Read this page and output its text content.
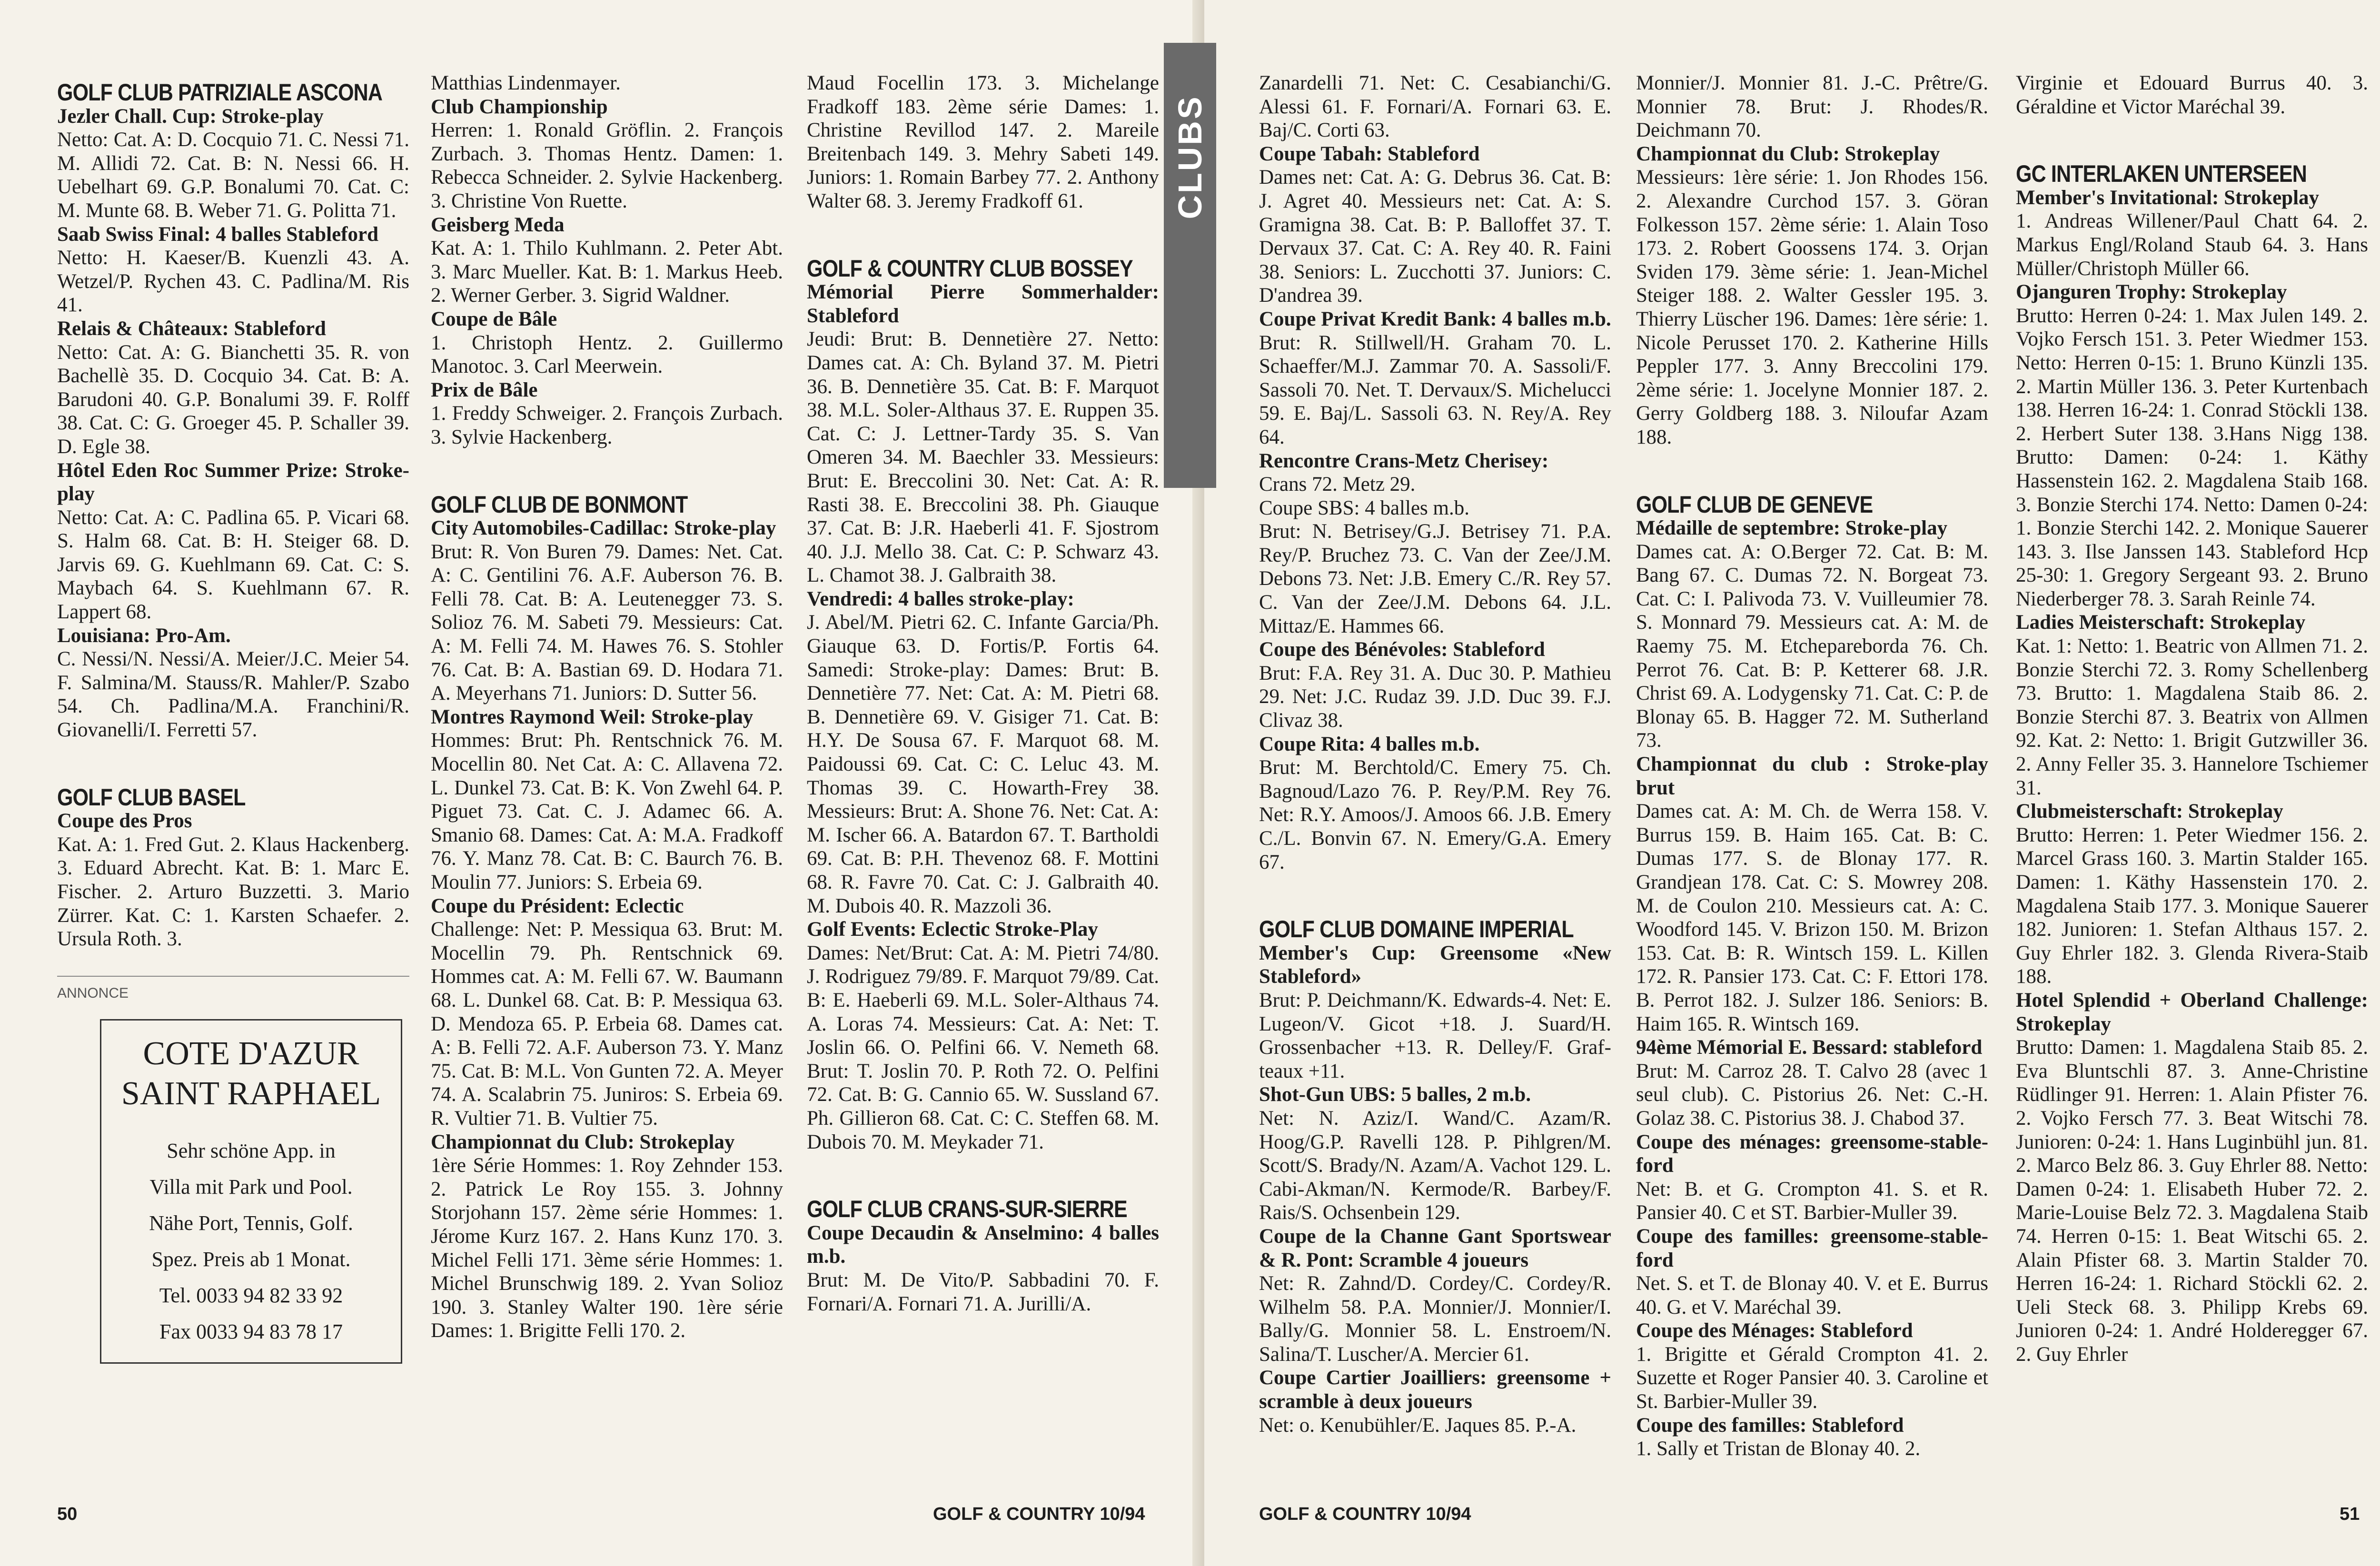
GOLF CLUB PATRIZIALE ASCONA

Jezler Chall. Cup: Stroke-play

Netto: Cat. A: D. Cocquio 71. C. Nessi 71. M. Allidi 72. Cat. B: N. Nessi 66. H. Uebelhart 69. G.P. Bonalumi 70. Cat. C: M. Munte 68. B. Weber 71. G. Politta 71.

Saab Swiss Final: 4 balles Stableford

Netto: H. Kaeser/B. Kuenzli 43. A. Wetzel/P. Rychen 43. C. Padlina/M. Ris 41.

Relais & Châteaux: Stableford

Netto: Cat. A: G. Bianchetti 35. R. von Bachellè 35. D. Cocquio 34. Cat. B: A. Barudoni 40. G.P. Bonalumi 39. F. Rolff 38. Cat. C: G. Groeger 45. P. Schaller 39. D. Egle 38.

Hôtel Eden Roc Summer Prize: Stroke-play

Netto: Cat. A: C. Padlina 65. P. Vicari 68. S. Halm 68. Cat. B: H. Steiger 68. D. Jarvis 69. G. Kuehlmann 69. Cat. C: S. Maybach 64. S. Kuehlmann 67. R. Lappert 68.

Louisiana: Pro-Am.

C. Nessi/N. Nessi/A. Meier/J.C. Meier 54. F. Salmina/M. Stauss/R. Mahler/P. Szabo 54. Ch. Padlina/M.A. Franchini/R. Giovanelli/I. Ferretti 57.

GOLF CLUB BASEL

Coupe des Pros

Kat. A: 1. Fred Gut. 2. Klaus Hackenberg. 3. Eduard Abrecht. Kat. B: 1. Marc E. Fischer. 2. Arturo Buzzetti. 3. Mario Zürrer. Kat. C: 1. Karsten Schaefer. 2. Ursula Roth. 3.

ANNONCE
COTE D'AZUR
SAINT RAPHAEL
Sehr schöne App. in
Villa mit Park und Pool.
Nähe Port, Tennis, Golf.
Spez. Preis ab 1 Monat.
Tel. 0033 94 82 33 92
Fax 0033 94 83 78 17

Matthias Lindenmayer.

Club Championship

Herren: 1. Ronald Gröflin. 2. François Zurbach. 3. Thomas Hentz. Damen: 1. Rebecca Schneider. 2. Sylvie Hackenberg. 3. Christine Von Ruette.

Geisberg Meda

Kat. A: 1. Thilo Kuhlmann. 2. Peter Abt. 3. Marc Mueller. Kat. B: 1. Markus Heeb. 2. Werner Gerber. 3. Sigrid Waldner.

Coupe de Bâle

1. Christoph Hentz. 2. Guillermo Manotoc. 3. Carl Meerwein.

Prix de Bâle

1. Freddy Schweiger. 2. François Zurbach. 3. Sylvie Hackenberg.

GOLF CLUB DE BONMONT

City Automobiles-Cadillac: Stroke-play

Brut: R. Von Buren 79. Dames: Net. Cat. A: C. Gentilini 76. A.F. Auberson 76. B. Felli 78. Cat. B: A. Leutenegger 73. S. Solioz 76. M. Sabeti 79. Messieurs: Cat. A: M. Felli 74. M. Hawes 76. S. Stohler 76. Cat. B: A. Bastian 69. D. Hodara 71. A. Meyerhans 71. Juniors: D. Sutter 56.

Montres Raymond Weil: Stroke-play

Hommes: Brut: Ph. Rentschnick 76. M. Mocellin 80. Net Cat. A: C. Allavena 72. L. Dunkel 73. Cat. B: K. Von Zwehl 64. P. Piguet 73. Cat. C. J. Adamec 66. A. Smanio 68. Dames: Cat. A: M.A. Fradkoff 76. Y. Manz 78. Cat. B: C. Baurch 76. B. Moulin 77. Juniors: S. Erbeia 69.

Coupe du Président: Eclectic

Challenge: Net: P. Messiqua 63. Brut: M. Mocellin 79. Ph. Rentschnick 69. Hommes cat. A: M. Felli 67. W. Baumann 68. L. Dunkel 68. Cat. B: P. Messiqua 63. D. Mendoza 65. P. Erbeia 68. Dames cat. A: B. Felli 72. A.F. Auberson 73. Y. Manz 75. Cat. B: M.L. Von Gunten 72. A. Meyer 74. A. Scalabrin 75. Juniros: S. Erbeia 69. R. Vultier 71. B. Vultier 75.

Championnat du Club: Strokeplay

1ère Série Hommes: 1. Roy Zehnder 153. 2. Patrick Le Roy 155. 3. Johnny Storjohann 157. 2ème série Hommes: 1. Jérome Kurz 167. 2. Hans Kunz 170. 3. Michel Felli 171. 3ème série Hommes: 1. Michel Brunschwig 189. 2. Yvan Solioz 190. 3. Stanley Walter 190. 1ère série Dames: 1. Brigitte Felli 170. 2.

Maud Focellin 173. 3. Michelange Fradkoff 183. 2ème série Dames: 1. Christine Revillod 147. 2. Mareile Breitenbach 149. 3. Mehry Sabeti 149. Juniors: 1. Romain Barbey 77. 2. Anthony Walter 68. 3. Jeremy Fradkoff 61.

GOLF & COUNTRY CLUB BOSSEY

Mémorial Pierre Sommerhalder: Stableford

Jeudi: Brut: B. Dennetière 27. Netto: Dames cat. A: Ch. Byland 37. M. Pietri 36. B. Dennetière 35. Cat. B: F. Marquot 38. M.L. Soler-Althaus 37. E. Ruppen 35. Cat. C: J. Lettner-Tardy 35. S. Van Omeren 34. M. Baechler 33. Messieurs: Brut: E. Breccolini 30. Net: Cat. A: R. Rasti 38. E. Breccolini 38. Ph. Giauque 37. Cat. B: J.R. Haeberli 41. F. Sjostrom 40. J.J. Mello 38. Cat. C: P. Schwarz 43. L. Chamot 38. J. Galbraith 38.

Vendredi: 4 balles stroke-play:

J. Abel/M. Pietri 62. C. Infante Garcia/Ph. Giauque 63. D. Fortis/P. Fortis 64. Samedi: Stroke-play: Dames: Brut: B. Dennetière 77. Net: Cat. A: M. Pietri 68. B. Dennetière 69. V. Gisiger 71. Cat. B: H.Y. De Sousa 67. F. Marquot 68. M. Paidoussi 69. Cat. C: C. Leluc 43. M. Thomas 39. C. Howarth-Frey 38. Messieurs: Brut: A. Shone 76. Net: Cat. A: M. Ischer 66. A. Batardon 67. T. Bartholdi 69. Cat. B: P.H. Thevenoz 68. F. Mottini 68. R. Favre 70. Cat. C: J. Galbraith 40. M. Dubois 40. R. Mazzoli 36.

Golf Events: Eclectic Stroke-Play

Dames: Net/Brut: Cat. A: M. Pietri 74/80. J. Rodriguez 79/89. F. Marquot 79/89. Cat. B: E. Haeberli 69. M.L. Soler-Althaus 74. A. Loras 74. Messieurs: Cat. A: Net: T. Joslin 66. O. Pelfini 66. V. Nemeth 68. Brut: T. Joslin 70. P. Roth 72. O. Pelfini 72. Cat. B: G. Cannio 65. W. Sussland 67. Ph. Gillieron 68. Cat. C: C. Steffen 68. M. Dubois 70. M. Meykader 71.

GOLF CLUB CRANS-SUR-SIERRE

Coupe Decaudin & Anselmino: 4 balles m.b.

Brut: M. De Vito/P. Sabbadini 70. F. Fornari/A. Fornari 71. A. Jurilli/A.

50	GOLF & COUNTRY 10/94

Zanardelli 71. Net: C. Cesabianchi/G. Alessi 61. F. Fornari/A. Fornari 63. E. Baj/C. Corti 63.

Coupe Tabah: Stableford

Dames net: Cat. A: G. Debrus 36. Cat. B: J. Agret 40. Messieurs net: Cat. A: S. Gramigna 38. Cat. B: P. Balloffet 37. T. Dervaux 37. Cat. C: A. Rey 40. R. Faini 38. Seniors: L. Zucchotti 37. Juniors: C. D'andrea 39.

Coupe Privat Kredit Bank: 4 balles m.b.

Brut: R. Stillwell/H. Graham 70. L. Schaeffer/M.J. Zammar 70. A. Sassoli/F. Sassoli 70. Net. T. Dervaux/S. Michelucci 59. E. Baj/L. Sassoli 63. N. Rey/A. Rey 64.

Rencontre Crans-Metz Cherisey:

Crans 72. Metz 29.

Coupe SBS: 4 balles m.b.

Brut: N. Betrisey/G.J. Betrisey 71. P.A. Rey/P. Bruchez 73. C. Van der Zee/J.M. Debons 73. Net: J.B. Emery C./R. Rey 57. C. Van der Zee/J.M. Debons 64. J.L. Mittaz/E. Hammes 66.

Coupe des Bénévoles: Stableford

Brut: F.A. Rey 31. A. Duc 30. P. Mathieu 29. Net: J.C. Rudaz 39. J.D. Duc 39. F.J. Clivaz 38.

Coupe Rita: 4 balles m.b.

Brut: M. Berchtold/C. Emery 75. Ch. Bagnoud/Lazo 76. P. Rey/P.M. Rey 76. Net: R.Y. Amoos/J. Amoos 66. J.B. Emery C./L. Bonvin 67. N. Emery/G.A. Emery 67.

GOLF CLUB DOMAINE IMPERIAL

Member's Cup: Greensome «New Stableford»

Brut: P. Deichmann/K. Edwards-4. Net: E. Lugeon/V. Gicot +18. J. Suard/H. Grossenbacher +13. R. Delley/F. Graf-teaux +11.

Shot-Gun UBS: 5 balles, 2 m.b.

Net: N. Aziz/I. Wand/C. Azam/R. Hoog/G.P. Ravelli 128. P. Pihlgren/M. Scott/S. Brady/N. Azam/A. Vachot 129. L. Cabi-Akman/N. Kermode/R. Barbey/F. Rais/S. Ochsenbein 129.

Coupe de la Channe Gant Sportswear & R. Pont: Scramble 4 joueurs

Net: R. Zahnd/D. Cordey/C. Cordey/R. Wilhelm 58. P.A. Monnier/J. Monnier/I. Bally/G. Monnier 58. L. Enstroem/N. Salina/T. Luscher/A. Mercier 61.

Coupe Cartier Joailliers: greensome + scramble à deux joueurs

Net: o. Kenubühler/E. Jaques 85. P.-A.

Monnier/J. Monnier 81. J.-C. Prêtre/G. Monnier 78. Brut: J. Rhodes/R. Deichmann 70.

Championnat du Club: Strokeplay

Messieurs: 1ère série: 1. Jon Rhodes 156. 2. Alexandre Curchod 157. 3. Göran Folkesson 157. 2ème série: 1. Alain Toso 173. 2. Robert Goossens 174. 3. Orjan Sviden 179. 3ème série: 1. Jean-Michel Steiger 188. 2. Walter Gessler 195. 3. Thierry Lüscher 196. Dames: 1ère série: 1. Nicole Perusset 170. 2. Katherine Hills Peppler 177. 3. Anny Breccolini 179. 2ème série: 1. Jocelyne Monnier 187. 2. Gerry Goldberg 188. 3. Niloufar Azam 188.

GOLF CLUB DE GENEVE

Médaille de septembre: Stroke-play

Dames cat. A: O.Berger 72. Cat. B: M. Bang 67. C. Dumas 72. N. Borgeat 73. Cat. C: I. Palivoda 73. V. Vuilleumier 78. S. Monnard 79. Messieurs cat. A: M. de Raemy 75. M. Etchepareborda 76. Ch. Perrot 76. Cat. B: P. Ketterer 68. J.R. Christ 69. A. Lodygensky 71. Cat. C: P. de Blonay 65. B. Hagger 72. M. Sutherland 73.

Championnat du club : Stroke-play brut

Dames cat. A: M. Ch. de Werra 158. V. Burrus 159. B. Haim 165. Cat. B: C. Dumas 177. S. de Blonay 177. R. Grandjean 178. Cat. C: S. Mowrey 208. M. de Coulon 210. Messieurs cat. A: C. Woodford 145. V. Brizon 150. M. Brizon 153. Cat. B: R. Wintsch 159. L. Killen 172. R. Pansier 173. Cat. C: F. Ettori 178. B. Perrot 182. J. Sulzer 186. Seniors: B. Haim 165. R. Wintsch 169.

94ème Mémorial E. Bessard: stableford

Brut: M. Carroz 28. T. Calvo 28 (avec 1 seul club). C. Pistorius 26. Net: C.-H. Golaz 38. C. Pistorius 38. J. Chabod 37.

Coupe des ménages: greensome-stable-ford

Net: B. et G. Crompton 41. S. et R. Pansier 40. C et ST. Barbier-Muller 39.

Coupe des familles: greensome-stable-ford

Net. S. et T. de Blonay 40. V. et E. Burrus 40. G. et V. Maréchal 39.

Coupe des Ménages: Stableford

1. Brigitte et Gérald Crompton 41. 2. Suzette et Roger Pansier 40. 3. Caroline et St. Barbier-Muller 39.

Coupe des familles: Stableford

1. Sally et Tristan de Blonay 40. 2.

Virginie et Edouard Burrus 40. 3. Géraldine et Victor Maréchal 39.

GC INTERLAKEN UNTERSEEN

Member's Invitational: Strokeplay

1. Andreas Willener/Paul Chatt 64. 2. Markus Engl/Roland Staub 64. 3. Hans Müller/Christoph Müller 66.

Ojanguren Trophy: Strokeplay

Brutto: Herren 0-24: 1. Max Julen 149. 2. Vojko Fersch 151. 3. Peter Wiedmer 153. Netto: Herren 0-15: 1. Bruno Künzli 135. 2. Martin Müller 136. 3. Peter Kurtenbach 138. Herren 16-24: 1. Conrad Stöckli 138. 2. Herbert Suter 138. 3.Hans Nigg 138. Brutto: Damen: 0-24: 1. Käthy Hassenstein 162. 2. Magdalena Staib 168. 3. Bonzie Sterchi 174. Netto: Damen 0-24: 1. Bonzie Sterchi 142. 2. Monique Sauerer 143. 3. Ilse Janssen 143. Stableford Hcp 25-30: 1. Gregory Sergeant 93. 2. Bruno Niederberger 78. 3. Sarah Reinle 74.

Ladies Meisterschaft: Strokeplay

Kat. 1: Netto: 1. Beatric von Allmen 71. 2. Bonzie Sterchi 72. 3. Romy Schellenberg 73. Brutto: 1. Magdalena Staib 86. 2. Bonzie Sterchi 87. 3. Beatrix von Allmen 92. Kat. 2: Netto: 1. Brigit Gutzwiller 36. 2. Anny Feller 35. 3. Hannelore Tschiemer 31.

Clubmeisterschaft: Strokeplay

Brutto: Herren: 1. Peter Wiedmer 156. 2. Marcel Grass 160. 3. Martin Stalder 165. Damen: 1. Käthy Hassenstein 170. 2. Magdalena Staib 177. 3. Monique Sauerer 182. Junioren: 1. Stefan Althaus 157. 2. Guy Ehrler 182. 3. Glenda Rivera-Staib 188.

Hotel Splendid + Oberland Challenge: Strokeplay

Brutto: Damen: 1. Magdalena Staib 85. 2. Eva Bluntschli 87. 3. Anne-Christine Rüdlinger 91. Herren: 1. Alain Pfister 76. 2. Vojko Fersch 77. 3. Beat Witschi 78. Junioren: 0-24: 1. Hans Luginbühl jun. 81. 2. Marco Belz 86. 3. Guy Ehrler 88. Netto: Damen 0-24: 1. Elisabeth Huber 72. 2. Marie-Louise Belz 72. 3. Magdalena Staib 74. Herren 0-15: 1. Beat Witschi 65. 2. Alain Pfister 68. 3. Martin Stalder 70. Herren 16-24: 1. Richard Stöckli 62. 2. Ueli Steck 68. 3. Philipp Krebs 69. Junioren 0-24: 1. André Holderegger 67. 2. Guy Ehrler

GOLF & COUNTRY 10/94	51
CLUBS
